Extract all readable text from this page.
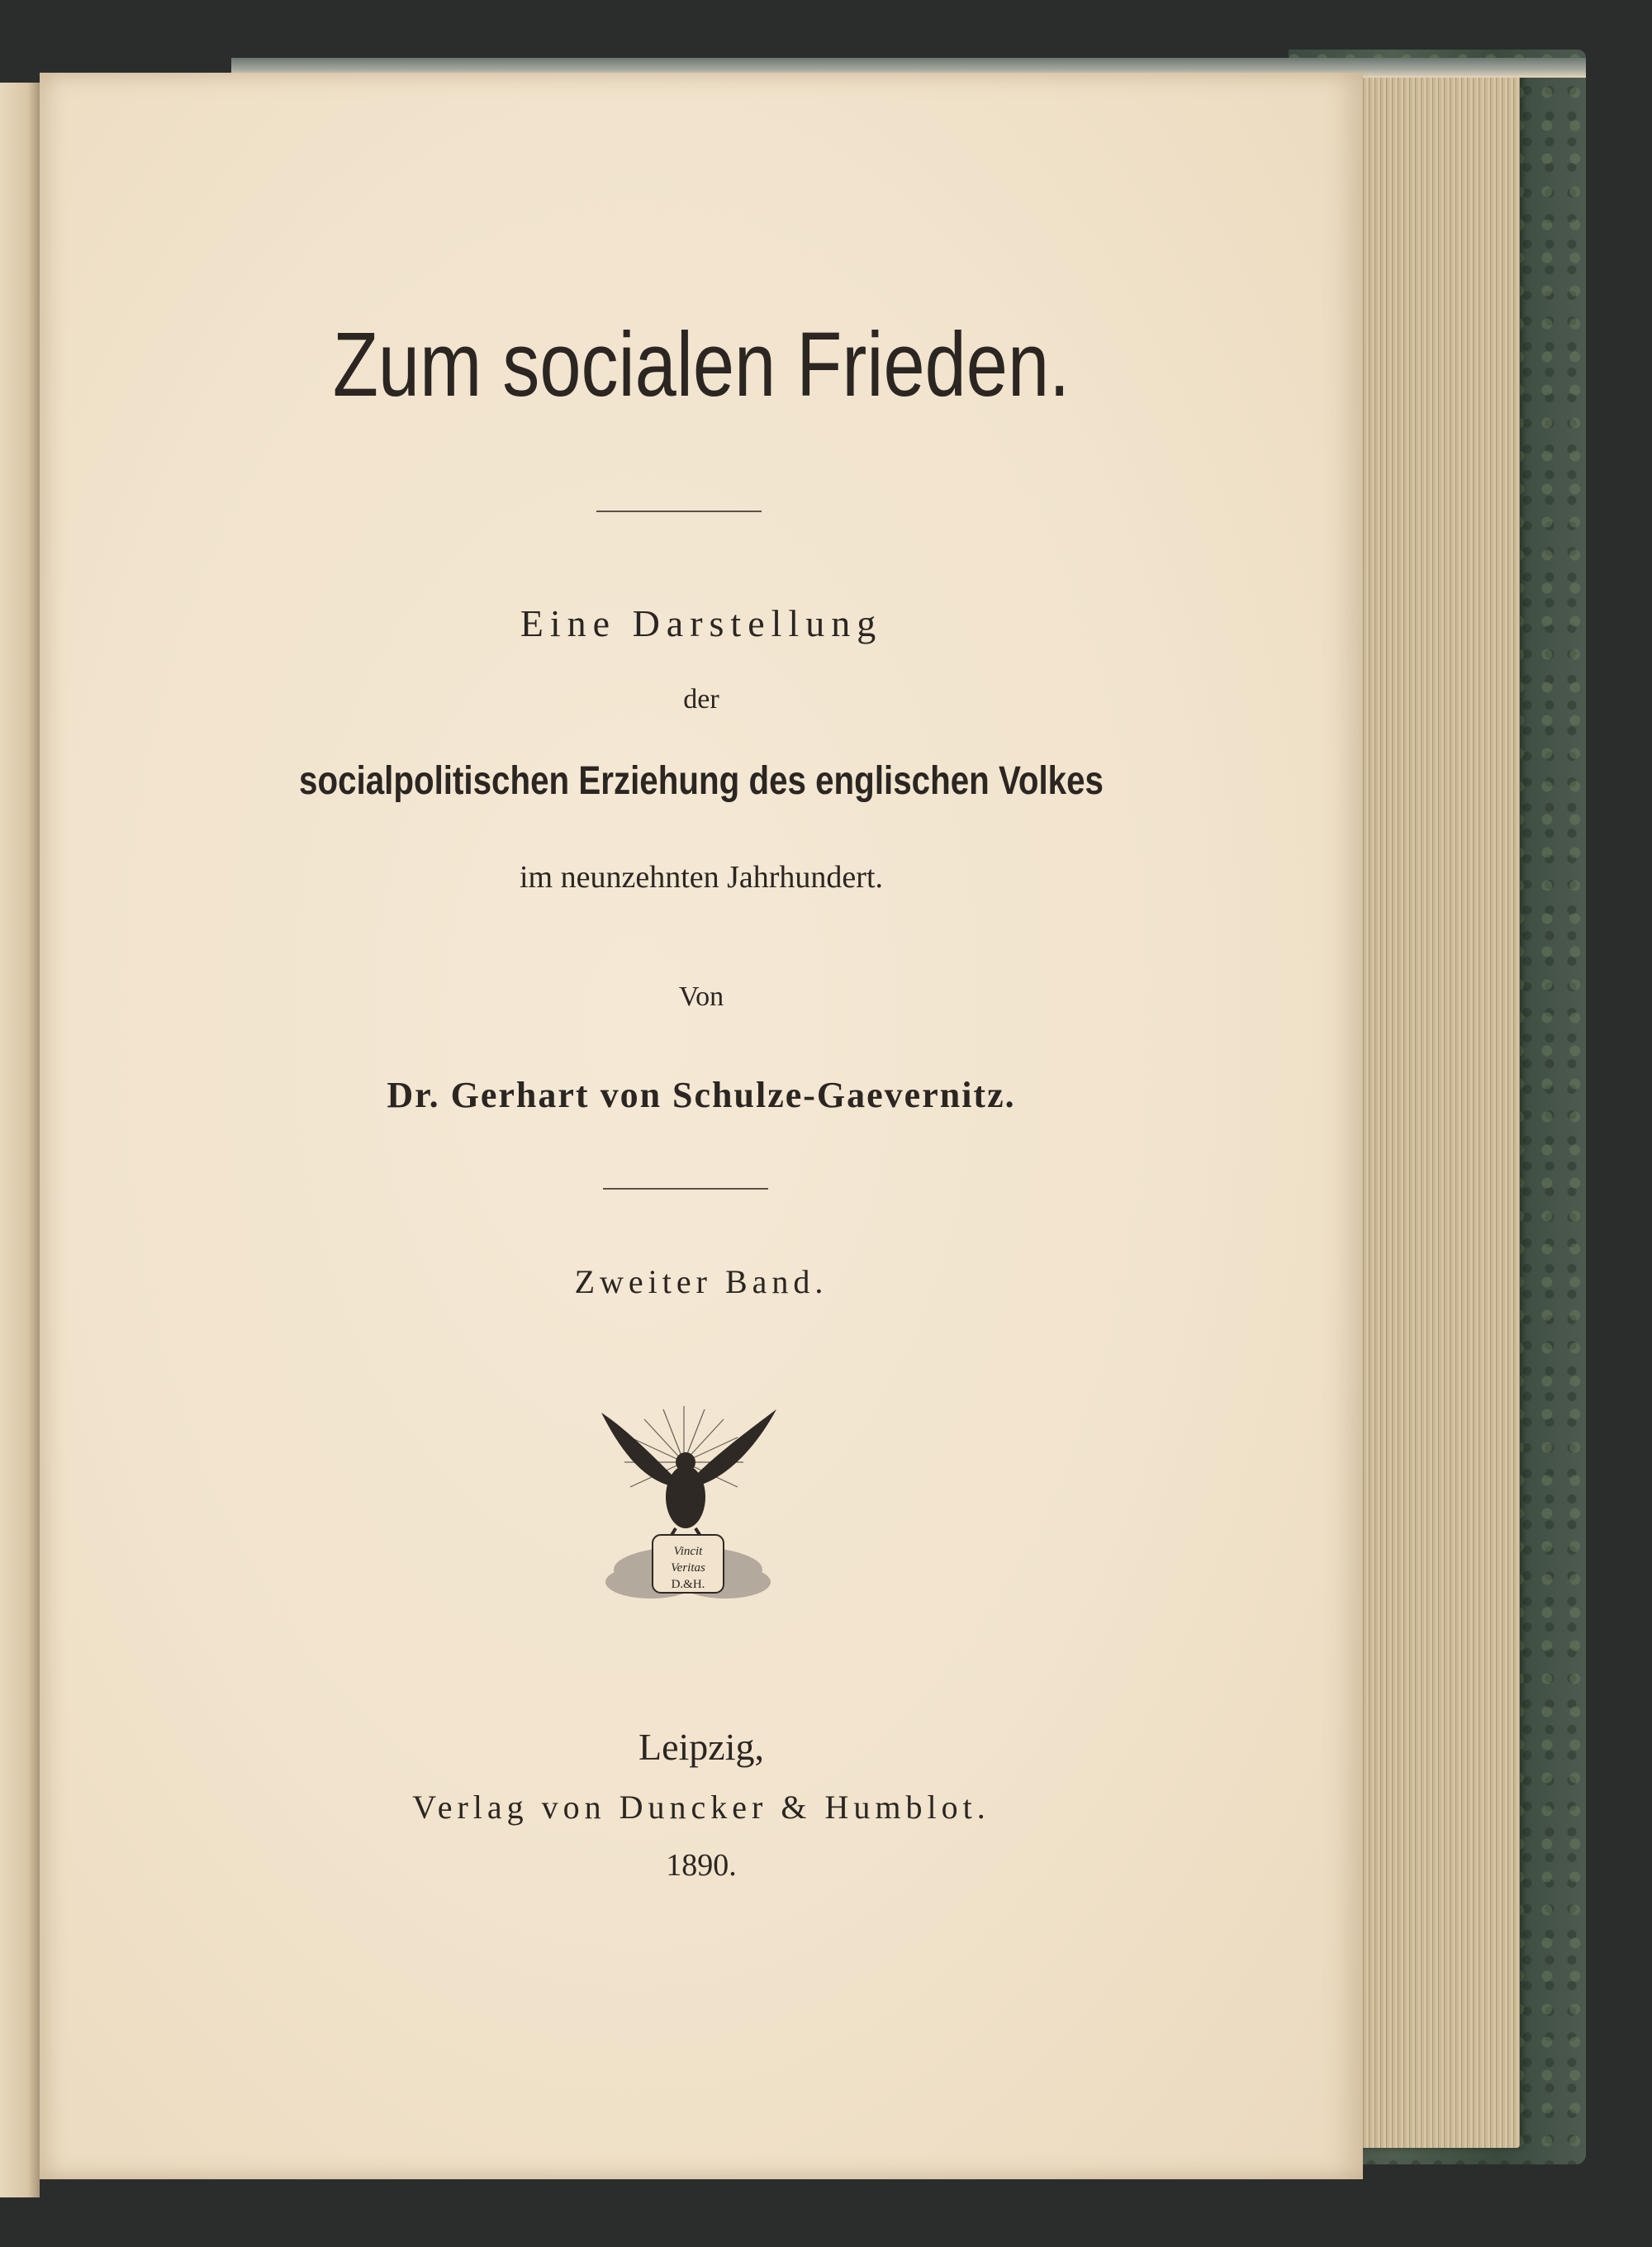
Zum socialen Frieden.
Eine Darstellung
der
socialpolitischen Erziehung des englischen Volkes
im neunzehnten Jahrhundert.
Von
Dr. Gerhart von Schulze-Gaevernitz.
Zweiter Band.
Vincit
Veritas
D.&H.
Leipzig,
Verlag von Duncker & Humblot.
1890.
